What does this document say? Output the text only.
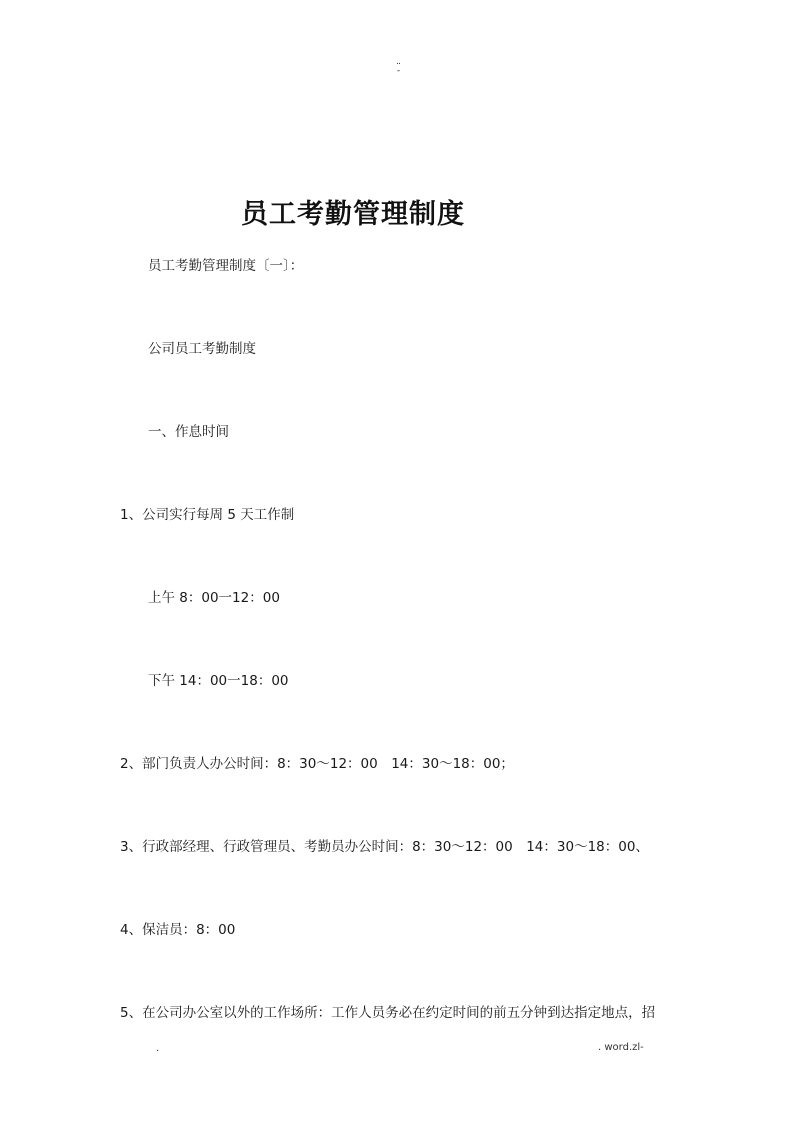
..
-
员工考勤管理制度
员工考勤管理制度〔一〕：
公司员工考勤制度
一、作息时间
1、公司实行每周 5 天工作制
上午 8：00一12：00
下午 14：00一18：00
2、部门负责人办公时间：8：30～12：00　14：30～18：00；
3、行政部经理、行政管理员、考勤员办公时间：8：30～12：00　14：30～18：00、
4、保洁员：8：00
5、在公司办公室以外的工作场所：工作人员务必在约定时间的前五分钟到达指定地点，招
.	. word.zl-
